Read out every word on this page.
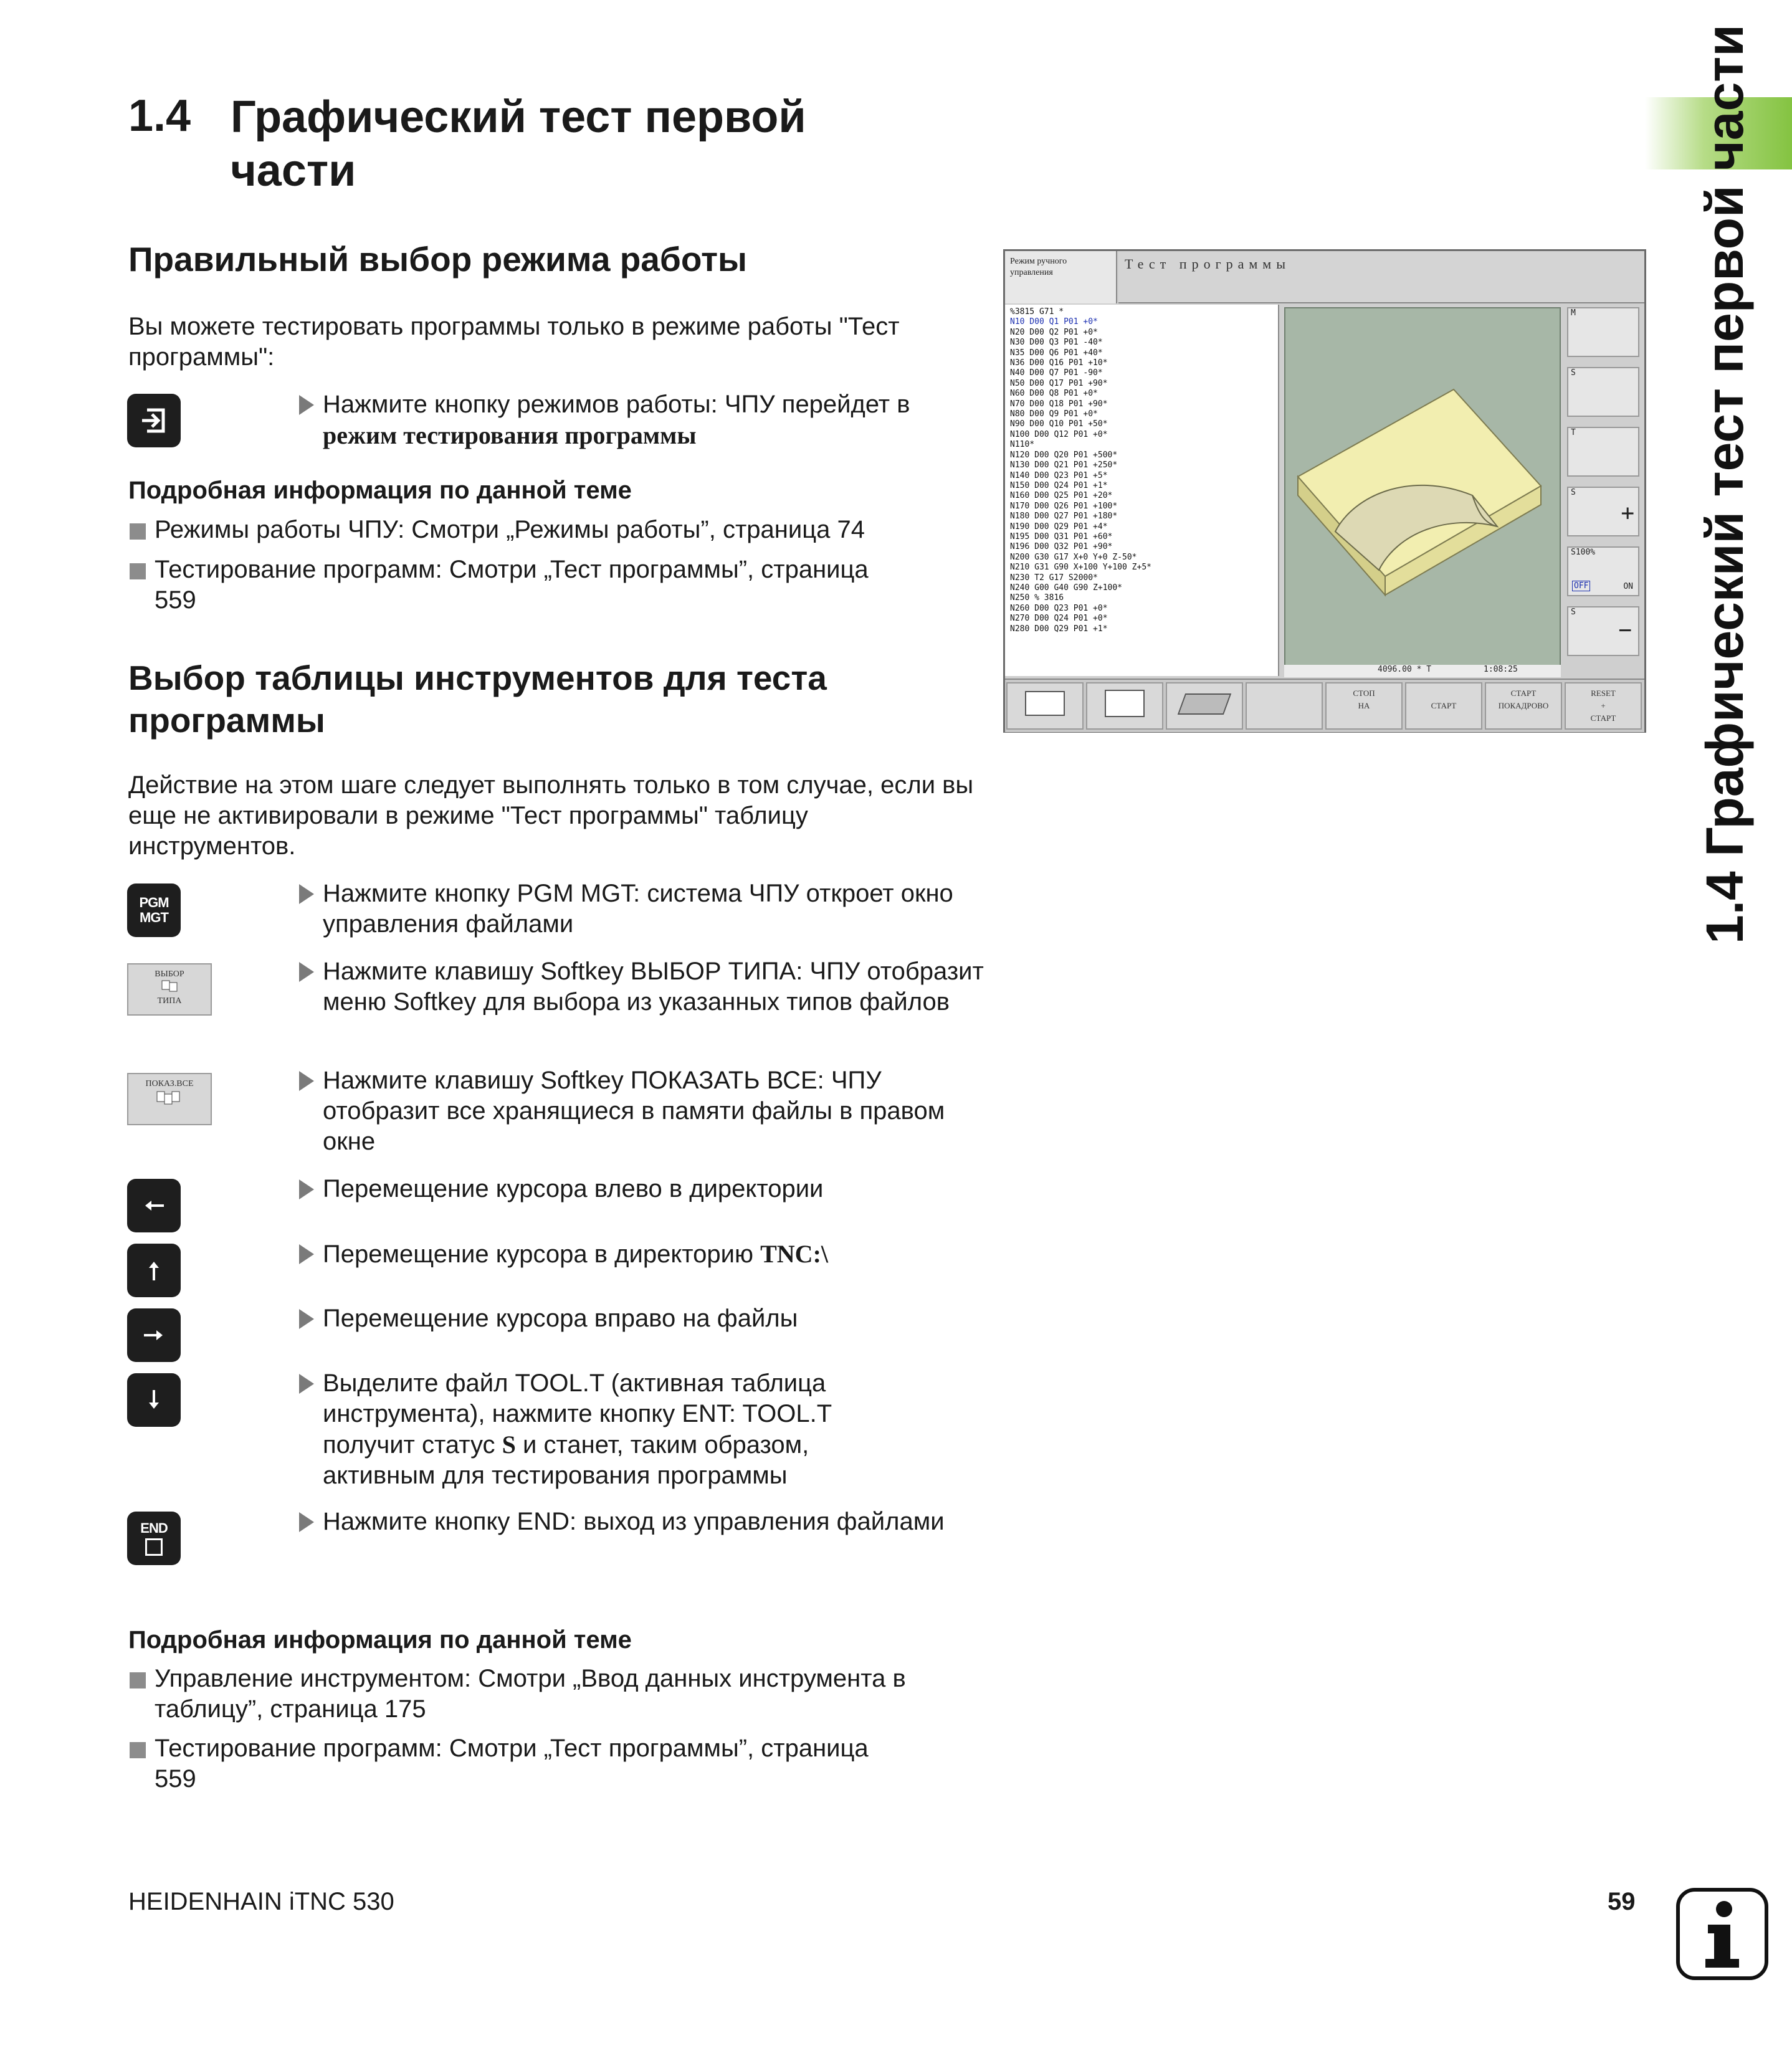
1.4 Графический тест первой части
1.4 Графический тест первой части
Правильный выбор режима работы
Вы можете тестировать программы только в режиме работы "Тест программы":
Нажмите кнопку режимов работы: ЧПУ перейдет в
режим тестирования программы
Подробная информация по данной теме
Режимы работы ЧПУ: Смотри „Режимы работы”, страница 74
Тестирование программ: Смотри „Тест программы”, страница 559
Выбор таблицы инструментов для теста программы
Действие на этом шаге следует выполнять только в том случае, если вы еще не активировали в режиме "Тест программы" таблицу инструментов.
PGM
MGT
Нажмите кнопку PGM MGT: система ЧПУ откроет окно управления файлами
ВЫБОР
ТИПА
Нажмите клавишу Softkey ВЫБОР ТИПА: ЧПУ отобразит меню Softkey для выбора из указанных типов файлов
ПОКАЗ.ВСЕ	Нажмите клавишу Softkey ПОКАЗАТЬ ВСЕ: ЧПУ отобразит все хранящиеся в памяти файлы в правом окне
Перемещение курсора влево в директории
Перемещение курсора в директорию TNC:\
Перемещение курсора вправо на файлы
Выделите файл TOOL.T (активная таблица инструмента), нажмите кнопку ENT: TOOL.T получит статус S и станет, таким образом, активным для тестирования программы
END	Нажмите кнопку END: выход из управления файлами
Подробная информация по данной теме
Управление инструментом: Смотри „Ввод данных инструмента в таблицу”, страница 175
Тестирование программ: Смотри „Тест программы”, страница 559
Режим ручного управления
Тест программы
%3815 G71 *
N10 D00 Q1 P01 +0*
N20 D00 Q2 P01 +0*
N30 D00 Q3 P01 -40*
N35 D00 Q6 P01 +40*
N36 D00 Q16 P01 +10*
N40 D00 Q7 P01 -90*
N50 D00 Q17 P01 +90*
N60 D00 Q8 P01 +0*
N70 D00 Q18 P01 +90*
N80 D00 Q9 P01 +0*
N90 D00 Q10 P01 +50*
N100 D00 Q12 P01 +0*
N110*
N120 D00 Q20 P01 +500*
N130 D00 Q21 P01 +250*
N140 D00 Q23 P01 +5*
N150 D00 Q24 P01 +1*
N160 D00 Q25 P01 +20*
N170 D00 Q26 P01 +100*
N180 D00 Q27 P01 +180*
N190 D00 Q29 P01 +4*
N195 D00 Q31 P01 +60*
N196 D00 Q32 P01 +90*
N200 G30 G17 X+0 Y+0 Z-50*
N210 G31 G90 X+100 Y+100 Z+5*
N230 T2 G17 S2000*
N240 G00 G40 G90 Z+100*
N250 % 3816
N260 D00 Q23 P01 +0*
N270 D00 Q24 P01 +0*
N280 D00 Q29 P01 +1*
4096.00 * T	1:08:25
M
S
T
S
+
S100%
OFF	ON
S
−
СТОП
НА	СТАРТ
СТАРТ
ПОКАДРОВО
RESET
+
СТАРТ
HEIDENHAIN iTNC 530	59
